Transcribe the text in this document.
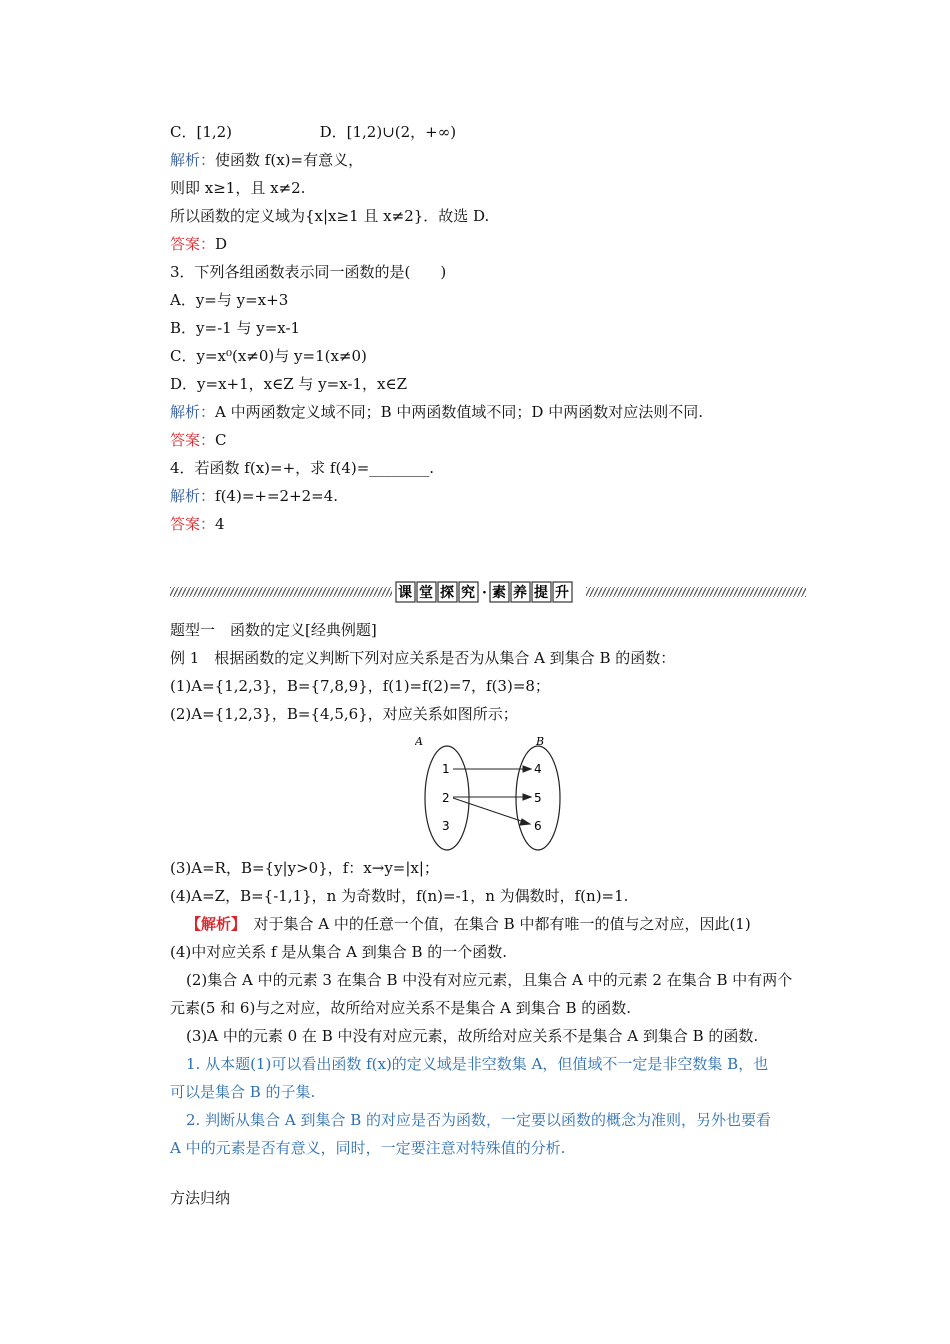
C．[1,2)	D．[1,2)∪(2，+∞)
解析：使函数 f(x)=有意义，
则即 x≥1，且 x≠2.
所以函数的定义域为{x|x≥1 且 x≠2}．故选 D.
答案：D
3．下列各组函数表示同一函数的是(　　)
A．y=与 y=x+3
B．y=-1 与 y=x-1
C．y=x⁰(x≠0)与 y=1(x≠0)
D．y=x+1，x∈Z 与 y=x-1，x∈Z
解析：A 中两函数定义域不同；B 中两函数值域不同；D 中两函数对应法则不同.
答案：C
4．若函数 f(x)=+，求 f(4)=________.
解析：f(4)=+=2+2=4.
答案：4
课 堂 探 究 · 素 养 提 升
题型一　函数的定义[经典例题]
例 1　根据函数的定义判断下列对应关系是否为从集合 A 到集合 B 的函数：
(1)A={1,2,3}，B={7,8,9}，f(1)=f(2)=7，f(3)=8；
(2)A={1,2,3}，B={4,5,6}，对应关系如图所示；
A	B
1
2
3
4
5
6
(3)A=R，B={y|y>0}，f：x→y=|x|；
(4)A=Z，B={-1,1}，n 为奇数时，f(n)=-1，n 为偶数时，f(n)=1.
【解析】　对于集合 A 中的任意一个值，在集合 B 中都有唯一的值与之对应，因此(1)
(4)中对应关系 f 是从集合 A 到集合 B 的一个函数.
(2)集合 A 中的元素 3 在集合 B 中没有对应元素，且集合 A 中的元素 2 在集合 B 中有两个
元素(5 和 6)与之对应，故所给对应关系不是集合 A 到集合 B 的函数.
(3)A 中的元素 0 在 B 中没有对应元素，故所给对应关系不是集合 A 到集合 B 的函数.
1. 从本题(1)可以看出函数 f(x)的定义域是非空数集 A，但值域不一定是非空数集 B，也
可以是集合 B 的子集.
2. 判断从集合 A 到集合 B 的对应是否为函数，一定要以函数的概念为准则，另外也要看
A 中的元素是否有意义，同时，一定要注意对特殊值的分析.
方法归纳
